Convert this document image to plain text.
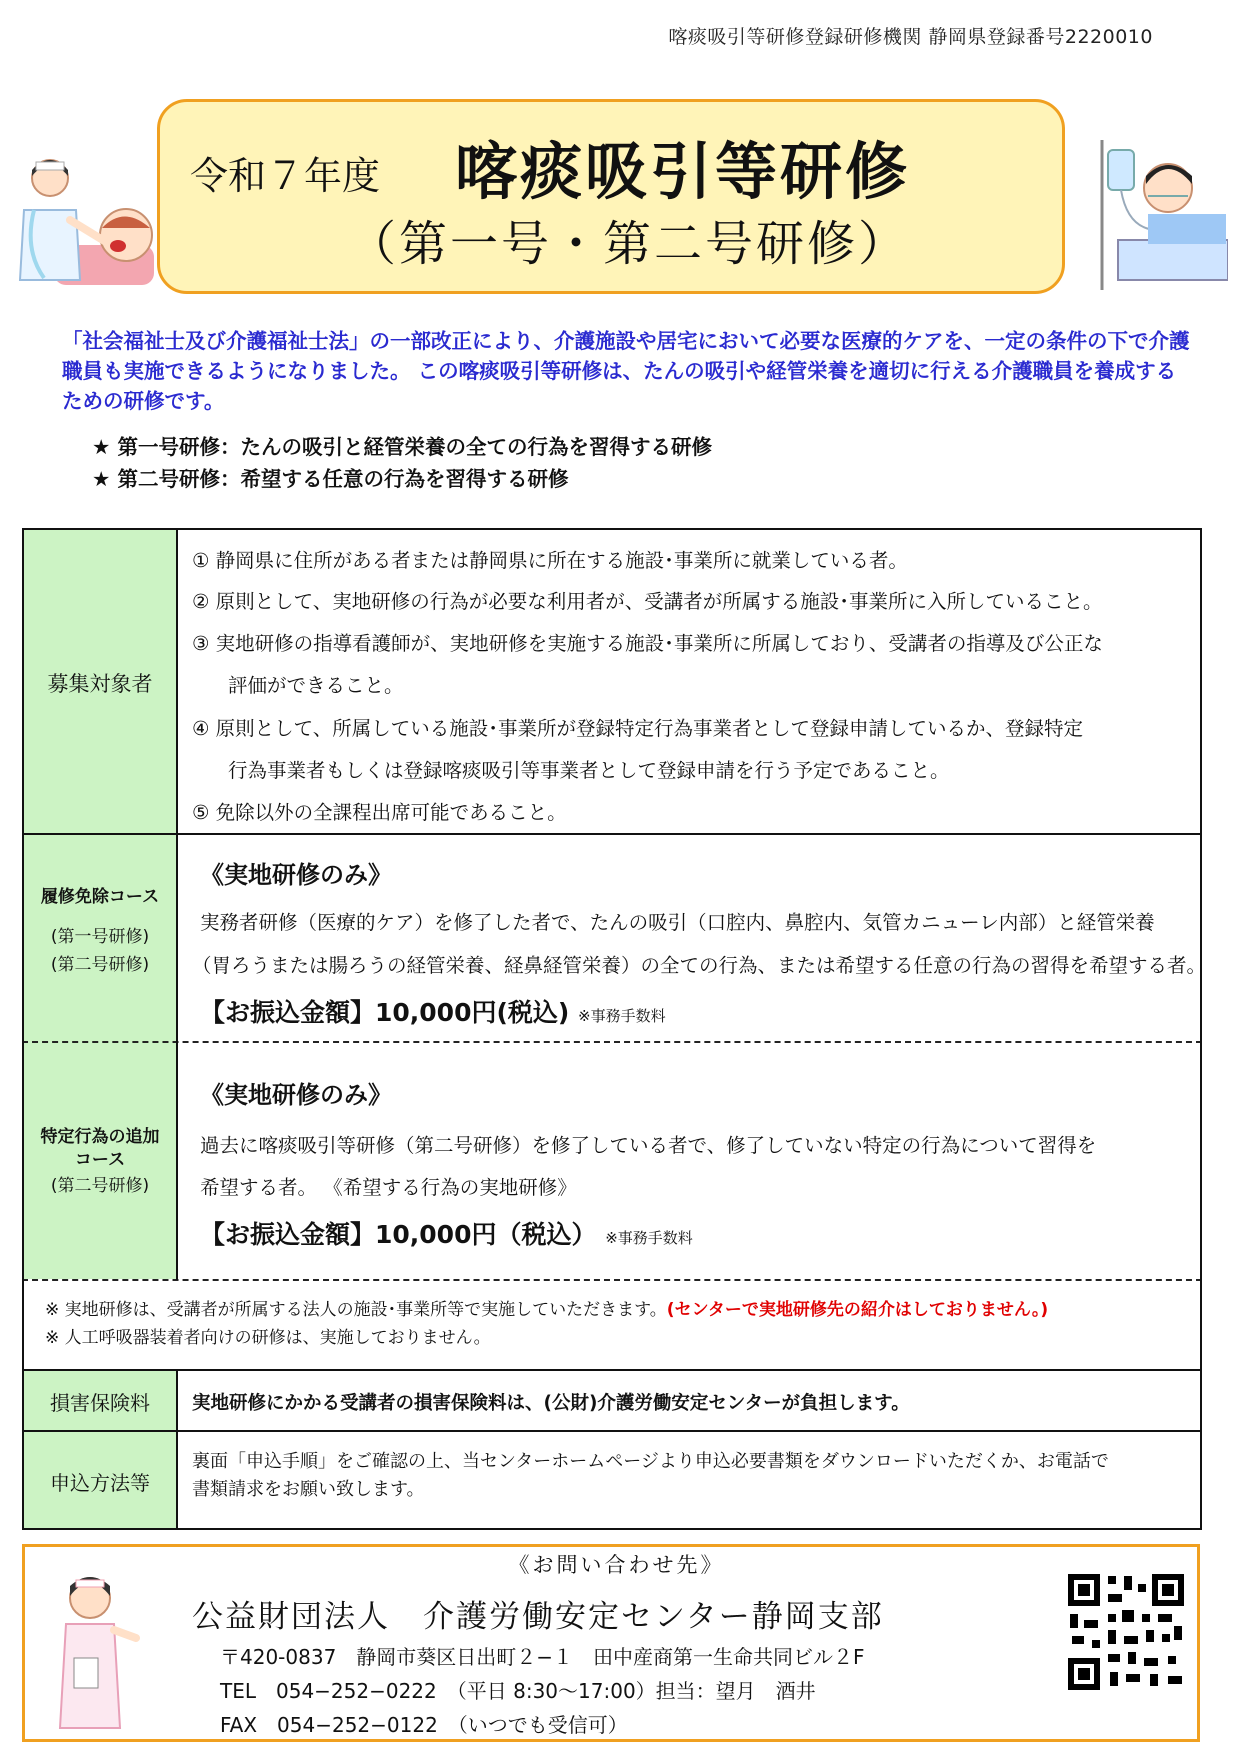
喀痰吸引等研修登録研修機関 静岡県登録番号2220010
令和７年度 喀痰吸引等研修
（第一号・第二号研修）
「社会福祉士及び介護福祉士法」の一部改正により、介護施設や居宅において必要な医療的ケアを、一定の条件の下で介護職員も実施できるようになりました。 この喀痰吸引等研修は、たんの吸引や経管栄養を適切に行える介護職員を養成するための研修です。
★ 第一号研修：たんの吸引と経管栄養の全ての行為を習得する研修
★ 第二号研修：希望する任意の行為を習得する研修
募集対象者
① 静岡県に住所がある者または静岡県に所在する施設･事業所に就業している者。
② 原則として、実地研修の行為が必要な利用者が、受講者が所属する施設･事業所に入所していること。
③ 実地研修の指導看護師が、実地研修を実施する施設･事業所に所属しており、受講者の指導及び公正な
評価ができること。
④ 原則として、所属している施設･事業所が登録特定行為事業者として登録申請しているか、登録特定
行為事業者もしくは登録喀痰吸引等事業者として登録申請を行う予定であること。
⑤ 免除以外の全課程出席可能であること。
履修免除コース
(第一号研修)
(第二号研修)
《実地研修のみ》
実務者研修（医療的ケア）を修了した者で、たんの吸引（口腔内、鼻腔内、気管カニューレ内部）と経管栄養
（胃ろうまたは腸ろうの経管栄養、経鼻経管栄養）の全ての行為、または希望する任意の行為の習得を希望する者。
【お振込金額】10,000円(税込) ※事務手数料
特定行為の追加
コース
(第二号研修)
《実地研修のみ》
過去に喀痰吸引等研修（第二号研修）を修了している者で、修了していない特定の行為について習得を
希望する者。 《希望する行為の実地研修》
【お振込金額】10,000円（税込） ※事務手数料
※ 実地研修は、受講者が所属する法人の施設･事業所等で実施していただきます。(センターで実地研修先の紹介はしておりません。)
※ 人工呼吸器装着者向けの研修は、実施しておりません。
損害保険料	実地研修にかかる受講者の損害保険料は、(公財)介護労働安定センターが負担します。
申込方法等
裏面「申込手順」をご確認の上、当センターホームページより申込必要書類をダウンロードいただくか、お電話で
書類請求をお願い致します。
《お問い合わせ先》
公益財団法人　介護労働安定センター静岡支部
〒420-0837　静岡市葵区日出町２−１　田中産商第一生命共同ビル２F
TEL　054−252−0222　（平日 8:30〜17:00）担当：望月　酒井
FAX　054−252−0122　（いつでも受信可）
